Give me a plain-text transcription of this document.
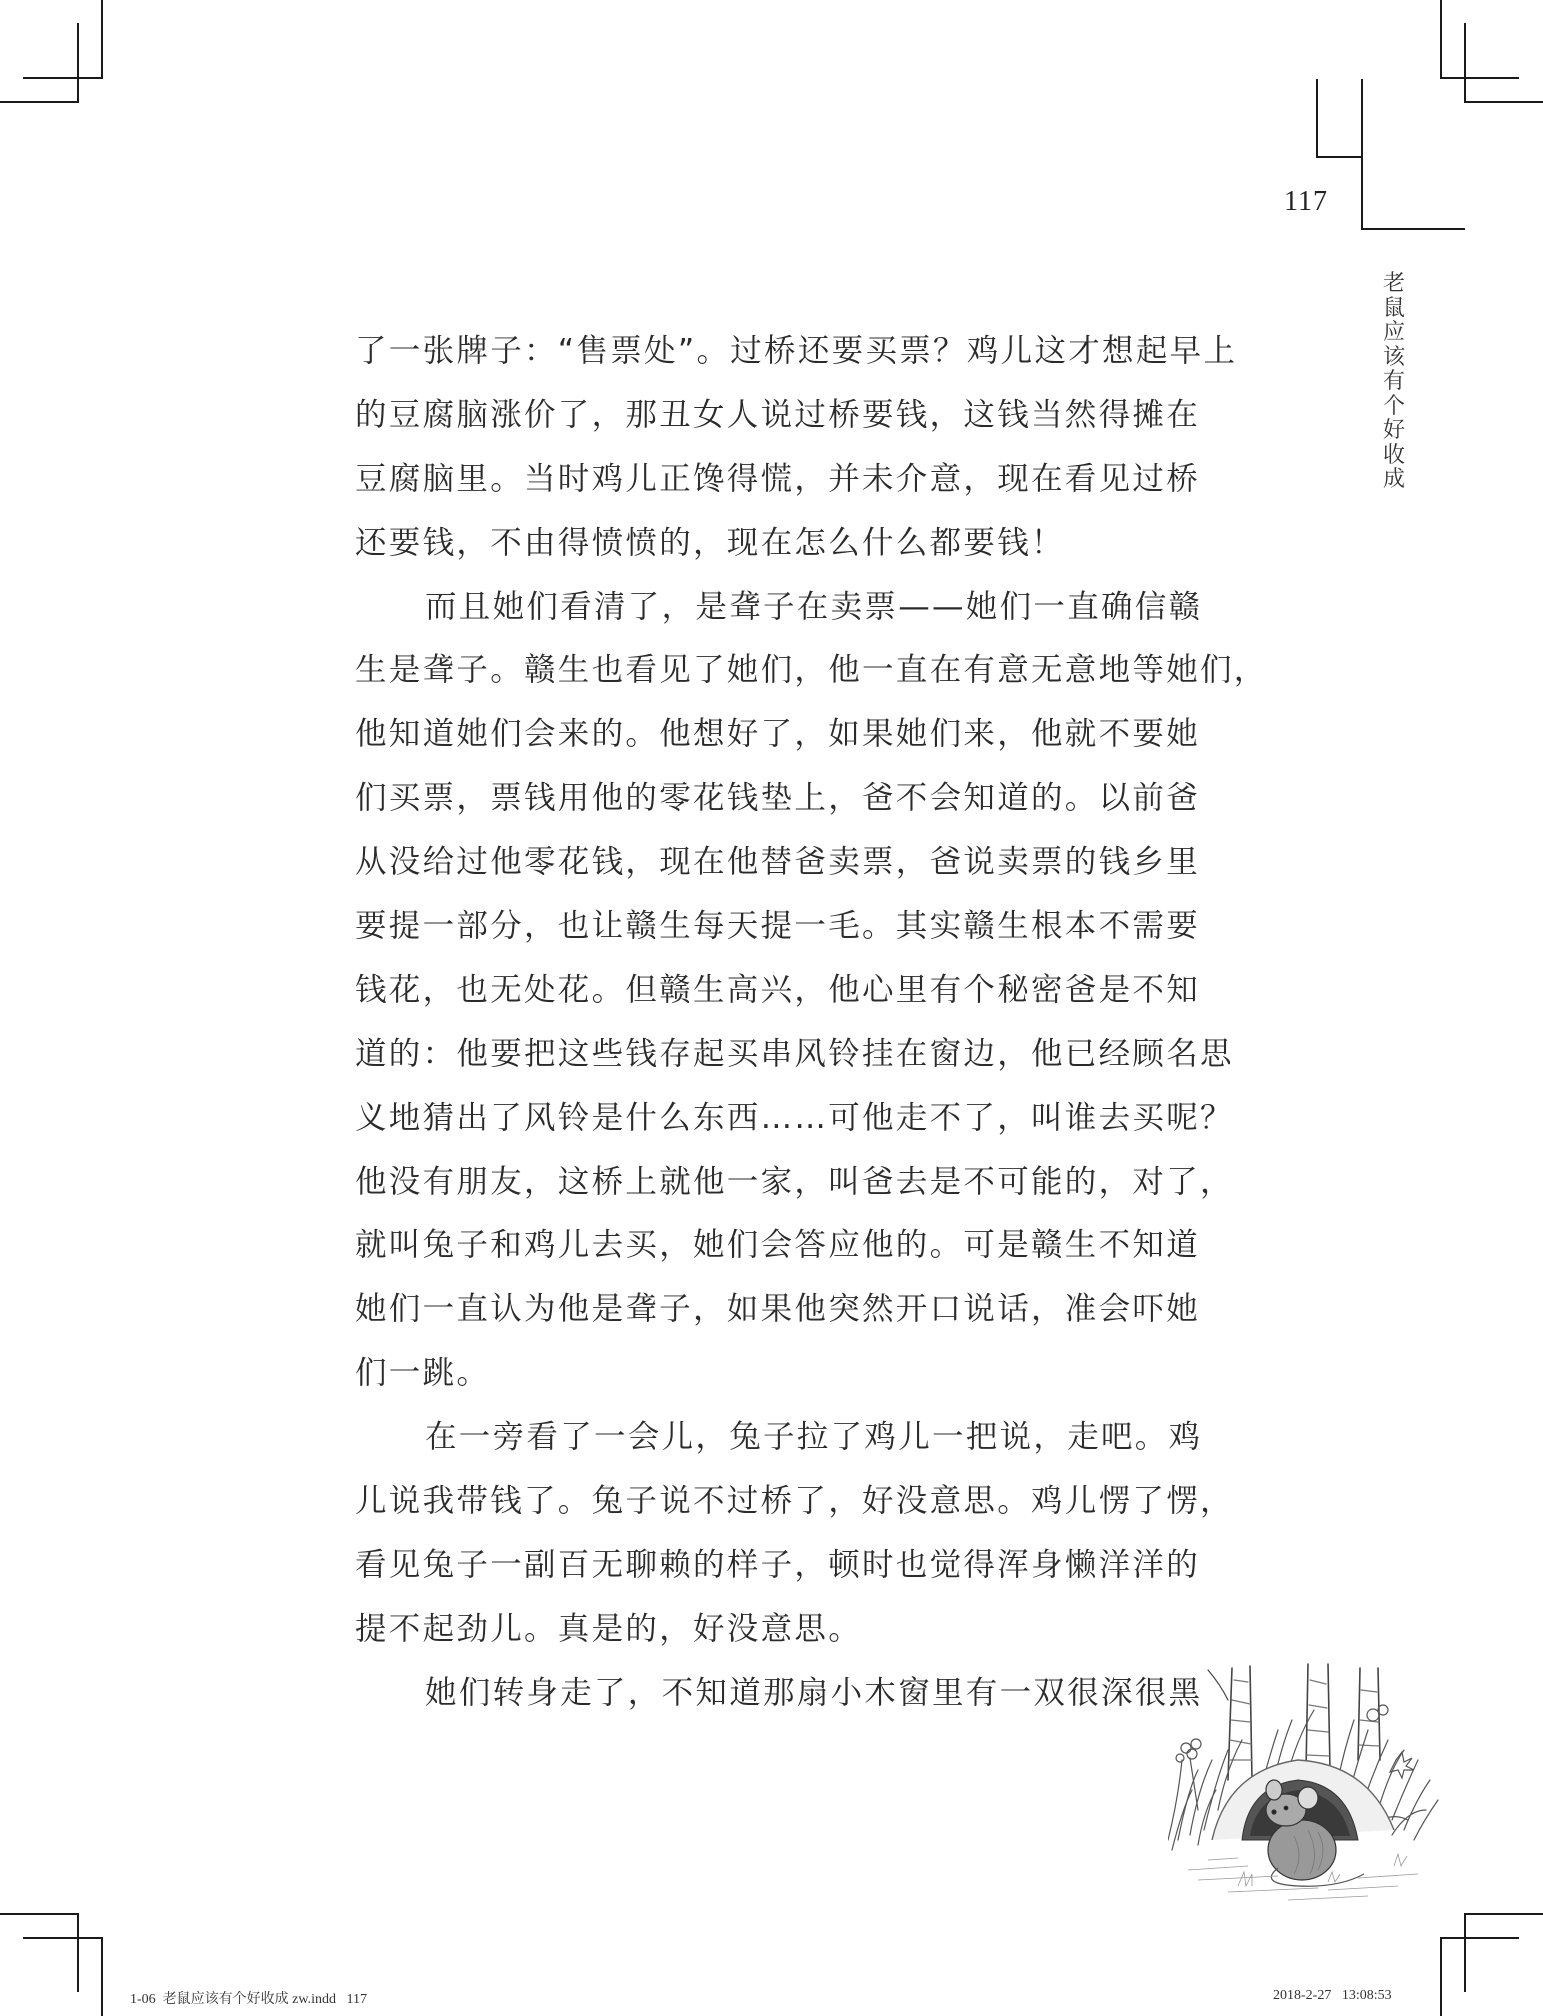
117
老鼠应该有个好收成
了一张牌子：“售票处”。过桥还要买票？鸡儿这才想起早上
的豆腐脑涨价了，那丑女人说过桥要钱，这钱当然得摊在
豆腐脑里。当时鸡儿正馋得慌，并未介意，现在看见过桥
还要钱，不由得愤愤的，现在怎么什么都要钱！
而且她们看清了，是聋子在卖票——她们一直确信赣
生是聋子。赣生也看见了她们，他一直在有意无意地等她们，
他知道她们会来的。他想好了，如果她们来，他就不要她
们买票，票钱用他的零花钱垫上，爸不会知道的。以前爸
从没给过他零花钱，现在他替爸卖票，爸说卖票的钱乡里
要提一部分，也让赣生每天提一毛。其实赣生根本不需要
钱花，也无处花。但赣生高兴，他心里有个秘密爸是不知
道的：他要把这些钱存起买串风铃挂在窗边，他已经顾名思
义地猜出了风铃是什么东西……可他走不了，叫谁去买呢？
他没有朋友，这桥上就他一家，叫爸去是不可能的，对了，
就叫兔子和鸡儿去买，她们会答应他的。可是赣生不知道
她们一直认为他是聋子，如果他突然开口说话，准会吓她
们一跳。
在一旁看了一会儿，兔子拉了鸡儿一把说，走吧。鸡
儿说我带钱了。兔子说不过桥了，好没意思。鸡儿愣了愣，
看见兔子一副百无聊赖的样子，顿时也觉得浑身懒洋洋的
提不起劲儿。真是的，好没意思。
她们转身走了，不知道那扇小木窗里有一双很深很黑
1-06  老鼠应该有个好收成 zw.indd   117	2018-2-27   13:08:53
